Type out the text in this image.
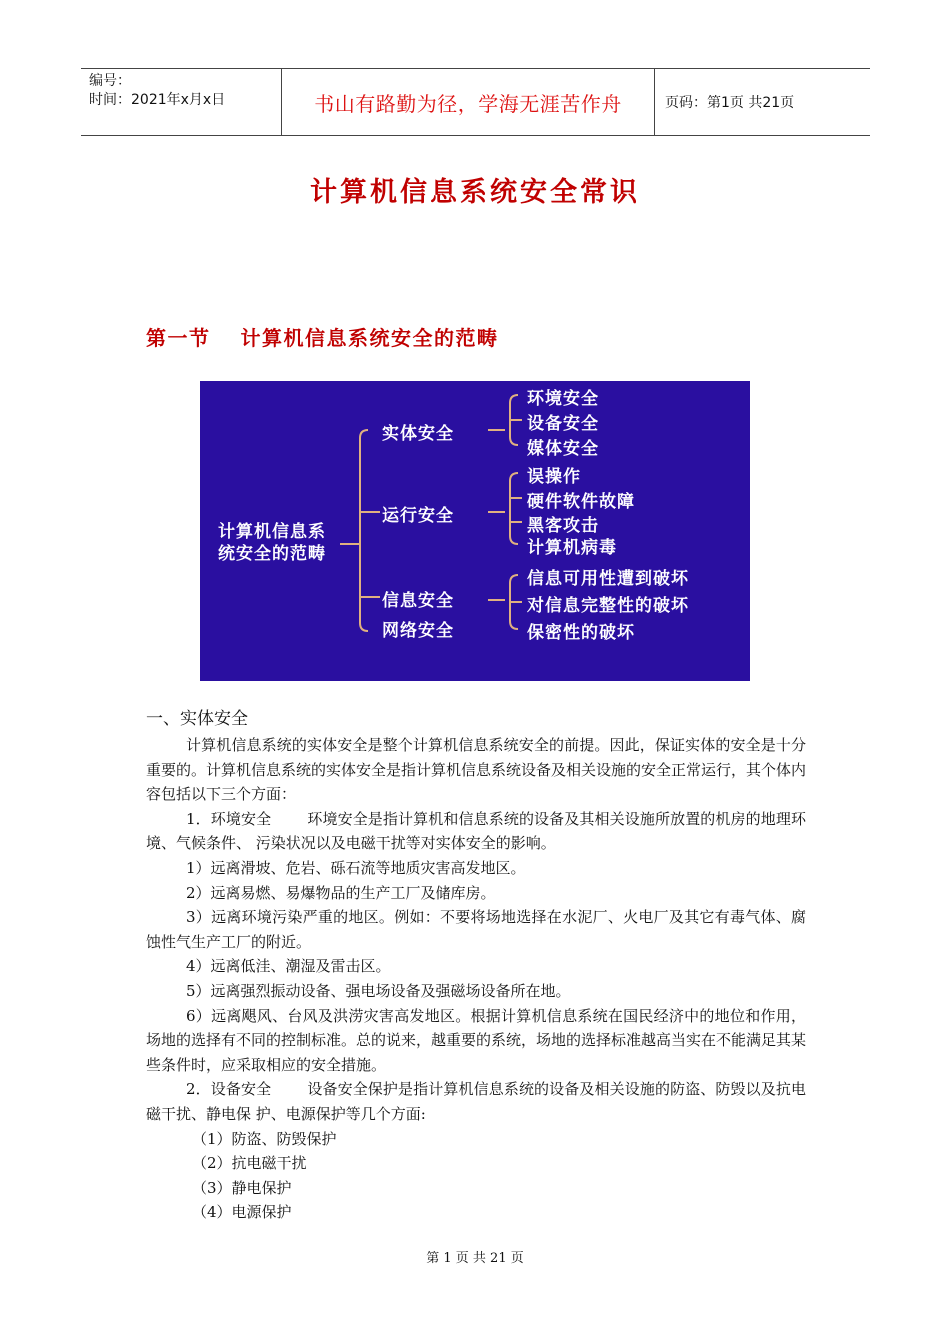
编号：
时间：2021年x月x日	书山有路勤为径，学海无涯苦作舟	页码：第1页 共21页
计算机信息系统安全常识
第一节 计算机信息系统安全的范畴
计算机信息系
统安全的范畴
实体安全
运行安全
信息安全
网络安全
环境安全
设备安全
媒体安全
误操作
硬件软件故障
黑客攻击
计算机病毒
信息可用性遭到破坏
对信息完整性的破坏
保密性的破坏
一、实体安全

计算机信息系统的实体安全是整个计算机信息系统安全的前提。因此，保证实体的安全是十分重要的。计算机信息系统的实体安全是指计算机信息系统设备及相关设施的安全正常运行，其个体内容包括以下三个方面：

1．环境安全 环境安全是指计算机和信息系统的设备及其相关设施所放置的机房的地理环境、气候条件、 污染状况以及电磁干扰等对实体安全的影响。

1）远离滑坡、危岩、砾石流等地质灾害高发地区。

2）远离易燃、易爆物品的生产工厂及储库房。

3）远离环境污染严重的地区。例如：不要将场地选择在水泥厂、火电厂及其它有毒气体、腐蚀性气生产工厂的附近。

4）远离低洼、潮湿及雷击区。

5）远离强烈振动设备、强电场设备及强磁场设备所在地。

6）远离飓风、台风及洪涝灾害高发地区。根据计算机信息系统在国民经济中的地位和作用，场地的选择有不同的控制标准。总的说来，越重要的系统，场地的选择标准越高当实在不能满足其某些条件时，应采取相应的安全措施。

2．设备安全 设备安全保护是指计算机信息系统的设备及相关设施的防盗、防毁以及抗电磁干扰、静电保 护、电源保护等几个方面:

（1）防盗、防毁保护

（2）抗电磁干扰

（3）静电保护

（4）电源保护

第 1 页 共 21 页
